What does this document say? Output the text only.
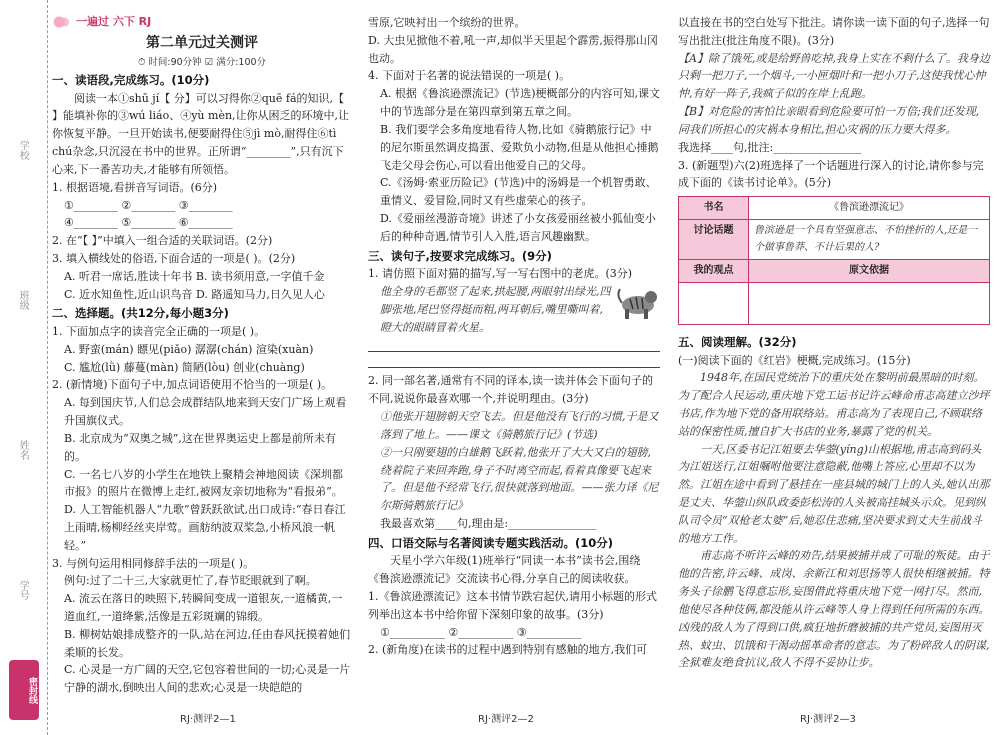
学校
班级
姓名
学号
密封线
一遍过 六下 RJ
第二单元过关测评
⏱ 时间:90分钟 ☑ 满分:100分
一、读语段,完成练习。(10分)
阅读一本①shū jí【 分】可以习得你②quē fá的知识,【 】能填补你的③wú liáo、④yù mèn,让你从困乏的环境中,让你恢复平静。一旦开始读书,便要耐得住⑤jì mò,耐得住⑥tì chú杂念,只沉浸在书中的世界。正所谓“________”,只有沉下心来,下一番苦功夫,才能够有所领悟。
1. 根据语境,看拼音写词语。(6分)
①________ ②________ ③________
④________ ⑤________ ⑥________
2. 在“【 】”中填入一组合适的关联词语。(2分)
3. 填入横线处的俗语,下面合适的一项是( )。(2分)
A. 听君一席话,胜读十年书 B. 读书须用意,一字值千金
C. 近水知鱼性,近山识鸟音 D. 路遥知马力,日久见人心
二、选择题。(共12分,每小题3分)
1. 下面加点字的读音完全正确的一项是( )。
A. 野蛮(mán) 瞟见(piǎo) 潺潺(chán) 渲染(xuàn)
C. 尴尬(lǜ) 藤蔓(màn) 简陋(lòu) 创业(chuàng)
2. (新情境)下面句子中,加点词语使用不恰当的一项是( )。
A. 每到国庆节,人们总会成群结队地来到天安门广场上观看升国旗仪式。
B. 北京成为“双奥之城”,这在世界奥运史上都是前所未有的。
C. 一名七八岁的小学生在地铁上聚精会神地阅读《深圳都市报》的照片在微博上走红,被网友亲切地称为“看报弟”。
D. 人工智能机器人“九歌”曾跃跃欲试,出口成诗:“春日春江上雨晴,杨柳经丝夹岸莺。画舫纳波双桨急,小桥风浪一帆轻。”
3. 与例句运用相同修辞手法的一项是( )。
例句:过了二十三,大家就更忙了,春节眨眼就到了啊。
A. 流云在落日的映照下,转瞬间变成一道银灰,一道橘黄,一道血红,一道绛紫,活像是五彩斑斓的锦缎。
B. 柳树姑娘排成整齐的一队,站在河边,任由春风抚摸着她们柔顺的长发。
C. 心灵是一方广阔的天空,它包容着世间的一切;心灵是一片宁静的湖水,倒映出人间的悲欢;心灵是一块皑皑的
雪原,它映衬出一个缤纷的世界。
D. 大虫见掀他不着,吼一声,却似半天里起个霹雳,振得那山冈也动。
4. 下面对于名著的说法错误的一项是( )。
A. 根据《鲁滨逊漂流记》(节选)梗概部分的内容可知,课文中的节选部分是在第四章到第五章之间。
B. 我们要学会多角度地看待人物,比如《骑鹅旅行记》中的尼尔斯虽然调皮捣蛋、爱欺负小动物,但是从他担心捶鹅飞走父母会伤心,可以看出他爱自己的父母。
C.《汤姆·索亚历险记》(节选)中的汤姆是一个机智勇敢、重情义、爱冒险,同时又有些虚荣心的孩子。
D.《爱丽丝漫游奇境》讲述了小女孩爱丽丝被小狐仙变小后的种种奇遇,情节引人入胜,语言风趣幽默。
三、读句子,按要求完成练习。(9分)
1. 请仿照下面对猫的描写,写一写右图中的老虎。(3分)
他全身的毛都竖了起来,拱起腰,两眼射出绿光,四脚张地,尾巴竖得挺而粗,两耳朝后,嘴里嘶叫着,瞪大的眼睛冒着火星。
2. 同一部名著,通常有不同的译本,读一读并体会下面句子的不同,说说你最喜欢哪一个,并说明理由。(3分)
①他张开翅膀朝天空飞去。但是他没有飞行的习惯,于是又落到了地上。——课文《骑鹅旅行记》(节选)
②一只刚要翅的白雄鹅飞跃着,他张开了大大又白的翅膀,绕着院子来回奔跑,身子不时离空而起,看着真像要飞起来了。但是他不经常飞行,很快就落到地面。——张力译《尼尔斯骑鹅旅行记》
我最喜欢第____句,理由是:________________
四、口语交际与名著阅读专题实践活动。(10分)
天星小学六年级(1)班举行“同读一本书”读书会,围绕《鲁滨逊漂流记》交流读书心得,分享自己的阅读收获。
1.《鲁滨逊漂流记》这本书情节跌宕起伏,请用小标题的形式列举出这本书中给你留下深刻印象的故事。(3分)
①__________ ②__________ ③__________
2. (新角度)在读书的过程中遇到特别有感触的地方,我们可
以直接在书的空白处写下批注。请你读一读下面的句子,选择一句写出批注(批注角度不限)。(3分)
【A】除了饿死,或是给野兽吃掉,我身上实在不剩什么了。我身边只剩一把刀子,一个烟斗,一小匣烟叶和一把小刀子,这使我忧心忡忡,有好一阵子,我疯子似的在岸上乱跑。
【B】对危险的害怕比亲眼看到危险要可怕一万倍;我们还发现,同我们所担心的灾祸本身相比,担心灾祸的压力要大得多。
我选择____句,批注:________________
3. (新题型)六(2)班选择了一个话题进行深入的讨论,请你参与完成下面的《读书讨论单》。(5分)
书名	《鲁滨逊漂流记》
讨论话题	鲁滨逊是一个具有坚强意志、不怕挫折的人,还是一个做事鲁莽、不计后果的人?
我的观点	原文依据

五、阅读理解。(32分)
(一)阅读下面的《红岩》梗概,完成练习。(15分)
1948年,在国民党统治下的重庆处在黎明前最黑暗的时刻。为了配合人民运动,重庆地下党工运书记许云峰命甫志高建立沙坪书店,作为地下党的备用联络站。甫志高为了表现自己,不顾联络站的保密性质,擅自扩大书店的业务,暴露了党的机关。
一天,区委书记江姐要去华蓥(yíng)山根据地,甫志高到码头为江姐送行,江姐嘱咐他要注意隐蔽,他嘴上答应,心里却不以为然。江姐在途中看到了悬挂在一座县城的城门上的人头,她认出那是丈夫、华蓥山纵队政委彭松涛的人头被高挂城头示众。见到纵队司令员“双枪老太婆”后,她忍住悲痛,坚决要求到丈夫生前战斗的地方工作。
甫志高不听许云峰的劝告,结果被捕并成了可耻的叛徒。由于他的告密,许云峰、成岗、余新江和刘思扬等人很快相继被捕。特务头子徐鹏飞得意忘形,妄图借此将重庆地下党一网打尽。然而,他使尽各种伎俩,都没能从许云峰等人身上得到任何所需的东西。凶残的敌人为了得到口供,疯狂地折磨被捕的共产党员,妄图用灭热、蚊虫、饥饿和干渴动摇革命者的意志。为了粉碎敌人的阴谋,全狱难友绝食抗议,敌人不得不妥协让步。
RJ·测评2—1	RJ·测评2—2	RJ·测评2—3
